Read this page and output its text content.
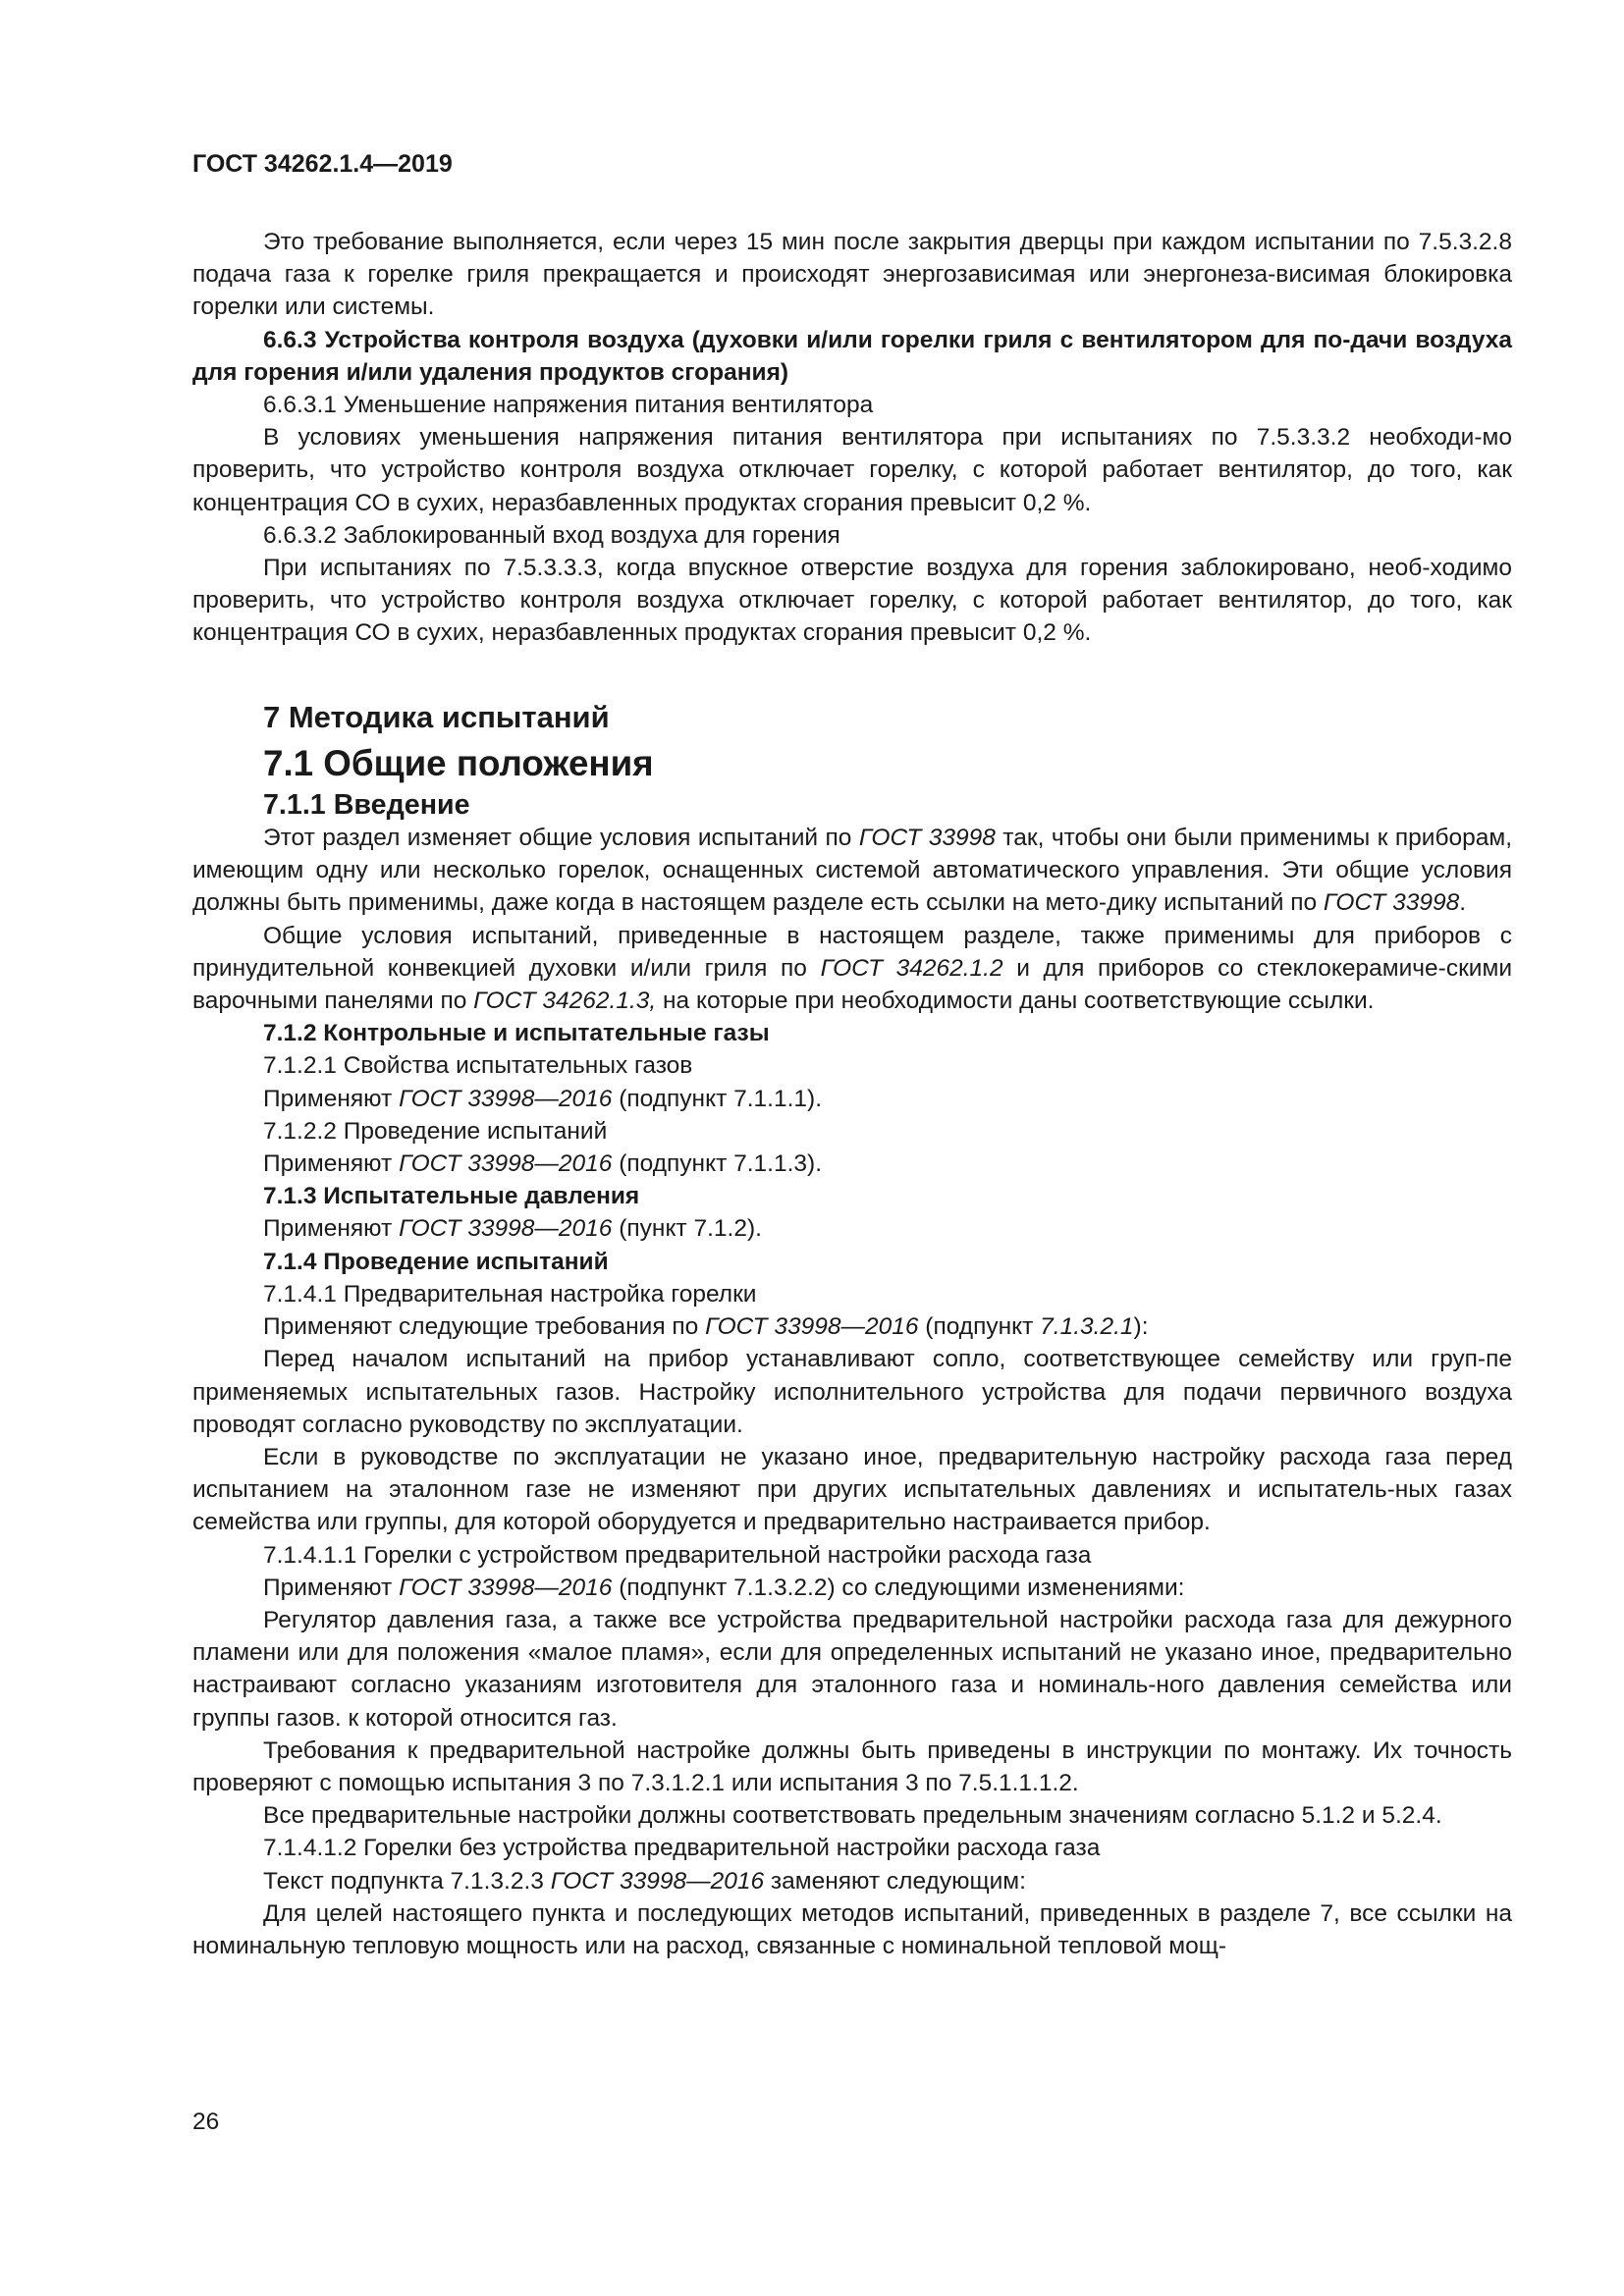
ГОСТ 34262.1.4—2019

Это требование выполняется, если через 15 мин после закрытия дверцы при каждом испытании по 7.5.3.2.8 подача газа к горелке гриля прекращается и происходят энергозависимая или энергонеза-висимая блокировка горелки или системы.

6.6.3 Устройства контроля воздуха (духовки и/или горелки гриля с вентилятором для по-дачи воздуха для горения и/или удаления продуктов сгорания)

6.6.3.1 Уменьшение напряжения питания вентилятора

В условиях уменьшения напряжения питания вентилятора при испытаниях по 7.5.3.3.2 необходи-мо проверить, что устройство контроля воздуха отключает горелку, с которой работает вентилятор, до того, как концентрация СО в сухих, неразбавленных продуктах сгорания превысит 0,2 %.

6.6.3.2 Заблокированный вход воздуха для горения

При испытаниях по 7.5.3.3.3, когда впускное отверстие воздуха для горения заблокировано, необ-ходимо проверить, что устройство контроля воздуха отключает горелку, с которой работает вентилятор, до того, как концентрация СО в сухих, неразбавленных продуктах сгорания превысит 0,2 %.

7 Методика испытаний
7.1 Общие положения
7.1.1 Введение

Этот раздел изменяет общие условия испытаний по ГОСТ 33998 так, чтобы они были применимы к приборам, имеющим одну или несколько горелок, оснащенных системой автоматического управления. Эти общие условия должны быть применимы, даже когда в настоящем разделе есть ссылки на мето-дику испытаний по ГОСТ 33998.

Общие условия испытаний, приведенные в настоящем разделе, также применимы для приборов с принудительной конвекцией духовки и/или гриля по ГОСТ 34262.1.2 и для приборов со стеклокерамиче-скими варочными панелями по ГОСТ 34262.1.3, на которые при необходимости даны соответствующие ссылки.

7.1.2 Контрольные и испытательные газы

7.1.2.1 Свойства испытательных газов

Применяют ГОСТ 33998—2016 (подпункт 7.1.1.1).

7.1.2.2 Проведение испытаний

Применяют ГОСТ 33998—2016 (подпункт 7.1.1.3).

7.1.3 Испытательные давления

Применяют ГОСТ 33998—2016 (пункт 7.1.2).

7.1.4 Проведение испытаний

7.1.4.1 Предварительная настройка горелки

Применяют следующие требования по ГОСТ 33998—2016 (подпункт 7.1.3.2.1):

Перед началом испытаний на прибор устанавливают сопло, соответствующее семейству или груп-пе применяемых испытательных газов. Настройку исполнительного устройства для подачи первичного воздуха проводят согласно руководству по эксплуатации.

Если в руководстве по эксплуатации не указано иное, предварительную настройку расхода газа перед испытанием на эталонном газе не изменяют при других испытательных давлениях и испытатель-ных газах семейства или группы, для которой оборудуется и предварительно настраивается прибор.

7.1.4.1.1 Горелки с устройством предварительной настройки расхода газа

Применяют ГОСТ 33998—2016 (подпункт 7.1.3.2.2) со следующими изменениями:

Регулятор давления газа, а также все устройства предварительной настройки расхода газа для дежурного пламени или для положения «малое пламя», если для определенных испытаний не указано иное, предварительно настраивают согласно указаниям изготовителя для эталонного газа и номиналь-ного давления семейства или группы газов. к которой относится газ.

Требования к предварительной настройке должны быть приведены в инструкции по монтажу. Их точность проверяют с помощью испытания 3 по 7.3.1.2.1 или испытания 3 по 7.5.1.1.1.2.

Все предварительные настройки должны соответствовать предельным значениям согласно 5.1.2 и 5.2.4.

7.1.4.1.2 Горелки без устройства предварительной настройки расхода газа

Текст подпункта 7.1.3.2.3 ГОСТ 33998—2016 заменяют следующим:

Для целей настоящего пункта и последующих методов испытаний, приведенных в разделе 7, все ссылки на номинальную тепловую мощность или на расход, связанные с номинальной тепловой мощ-

26
